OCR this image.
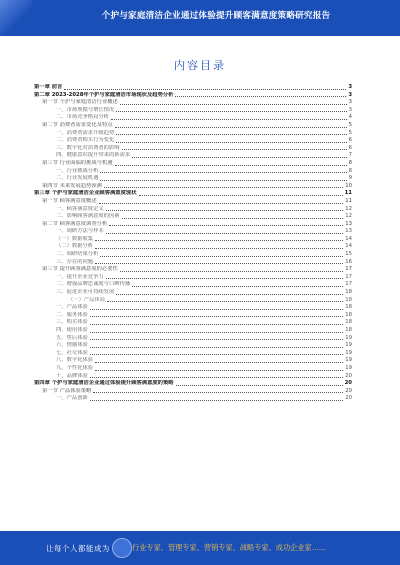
个护与家庭清洁企业通过体验提升顾客满意度策略研究报告
内容目录
第一章 前言	3
第二章 2023-2028年个护与家庭清洁市场现状及趋势分析	3
第一节 个护与家庭清洁行业概述	3
一、市场规模与增长情况	3
二、市场竞争格局分析	4
第二节 消费者需求变化及特点	5
一、消费者需求升级趋势	5
二、消费者购买行为变化	6
三、数字化对消费者的影响	6
四、健康意识提升带来的新需求	7
第三节 行业面临的挑战与机遇	8
一、行业挑战分析	8
二、行业发展机遇	9
第四节 未来发展趋势预测	10
第三章 个护与家庭清洁企业顾客满意度现状	11
第一节 顾客满意度概述	11
一、顾客满意度定义	12
二、影响顾客满意度的因素	12
第二节 顾客满意度调查分析	13
一、调研方法与样本	13
（一）数据收集	14
（二）数据分析	14
二、调研结果分析	15
三、存在的问题	16
第三节 提升顾客满意度的必要性	17
一、提升企业竞争力	17
二、增强品牌忠诚度与口碑传播	17
三、促进企业可持续发展	18
（一）产品体验	18
一、产品体验	18
二、服务体验	18
三、购买体验	18
四、使用体验	18
五、售后体验	19
六、情感体验	19
七、社交体验	19
八、数字化体验	19
九、个性化体验	19
十、品牌体验	20
第四章 个护与家庭清洁企业通过体验提升顾客满意度的策略	20
第一节 产品体验策略	20
一、产品创新	20
让每个人都能成为	行业专家、管理专家、营销专家、战略专家、成功企业家……
